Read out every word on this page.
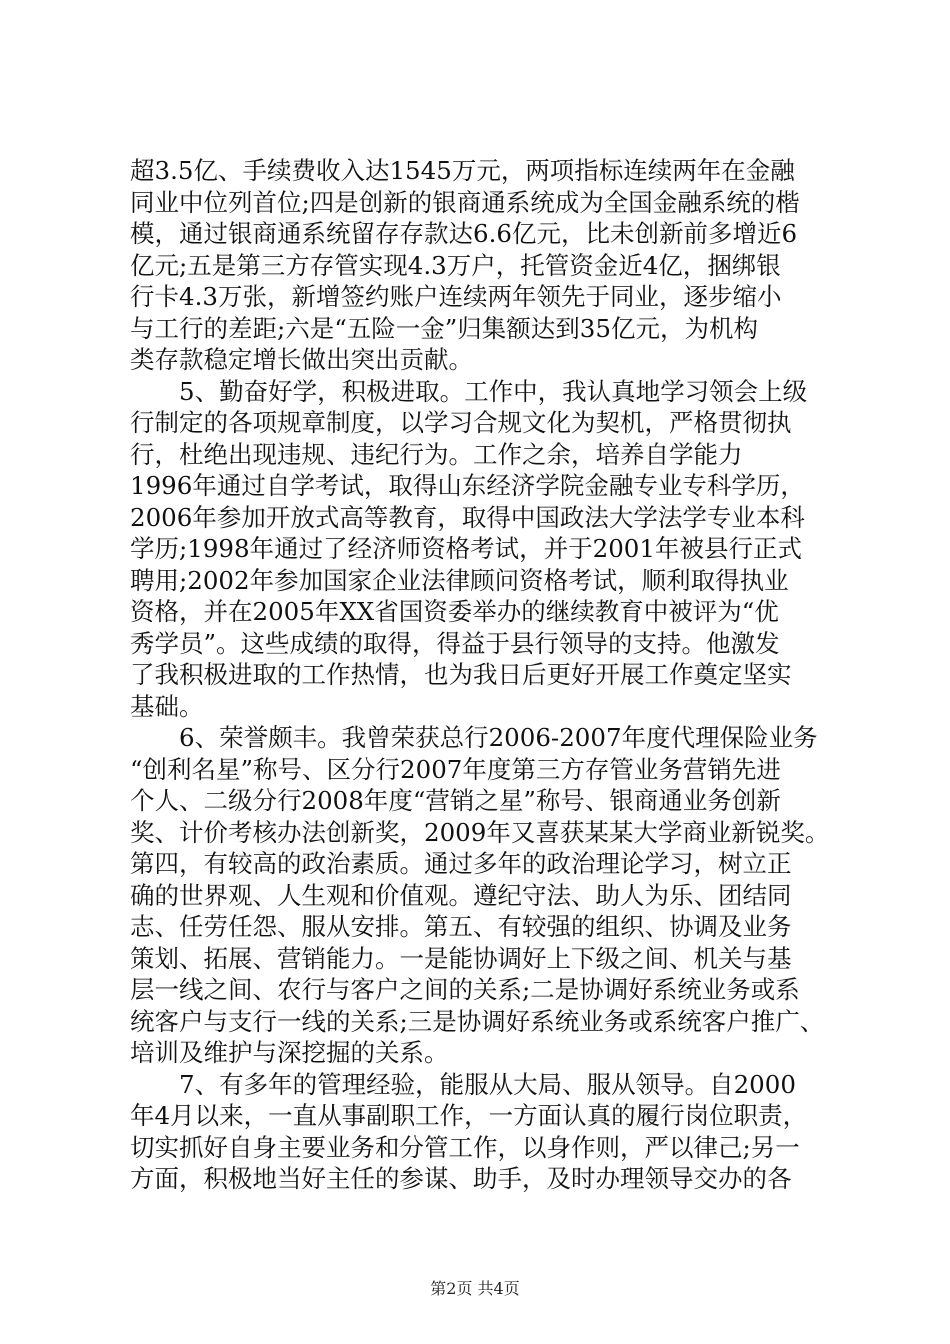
超3.5亿、手续费收入达1545万元，两项指标连续两年在金融
同业中位列首位;四是创新的银商通系统成为全国金融系统的楷
模，通过银商通系统留存存款达6.6亿元，比未创新前多增近6
亿元;五是第三方存管实现4.3万户，托管资金近4亿，捆绑银
行卡4.3万张，新增签约账户连续两年领先于同业，逐步缩小
与工行的差距;六是“五险一金”归集额达到35亿元，为机构
类存款稳定增长做出突出贡献。
　　5、勤奋好学，积极进取。工作中，我认真地学习领会上级
行制定的各项规章制度，以学习合规文化为契机，严格贯彻执
行，杜绝出现违规、违纪行为。工作之余，培养自学能力
1996年通过自学考试，取得山东经济学院金融专业专科学历，
2006年参加开放式高等教育，取得中国政法大学法学专业本科
学历;1998年通过了经济师资格考试，并于2001年被县行正式
聘用;2002年参加国家企业法律顾问资格考试，顺利取得执业
资格，并在2005年XX省国资委举办的继续教育中被评为“优
秀学员”。这些成绩的取得，得益于县行领导的支持。他激发
了我积极进取的工作热情，也为我日后更好开展工作奠定坚实
基础。
　　6、荣誉颇丰。我曾荣获总行2006-2007年度代理保险业务
“创利名星”称号、区分行2007年度第三方存管业务营销先进
个人、二级分行2008年度“营销之星”称号、银商通业务创新
奖、计价考核办法创新奖，2009年又喜获某某大学商业新锐奖。
第四，有较高的政治素质。通过多年的政治理论学习，树立正
确的世界观、人生观和价值观。遵纪守法、助人为乐、团结同
志、任劳任怨、服从安排。第五、有较强的组织、协调及业务
策划、拓展、营销能力。一是能协调好上下级之间、机关与基
层一线之间、农行与客户之间的关系;二是协调好系统业务或系
统客户与支行一线的关系;三是协调好系统业务或系统客户推广、
培训及维护与深挖掘的关系。
　　7、有多年的管理经验，能服从大局、服从领导。自2000
年4月以来，一直从事副职工作，一方面认真的履行岗位职责，
切实抓好自身主要业务和分管工作，以身作则，严以律己;另一
方面，积极地当好主任的参谋、助手，及时办理领导交办的各
第2页 共4页
